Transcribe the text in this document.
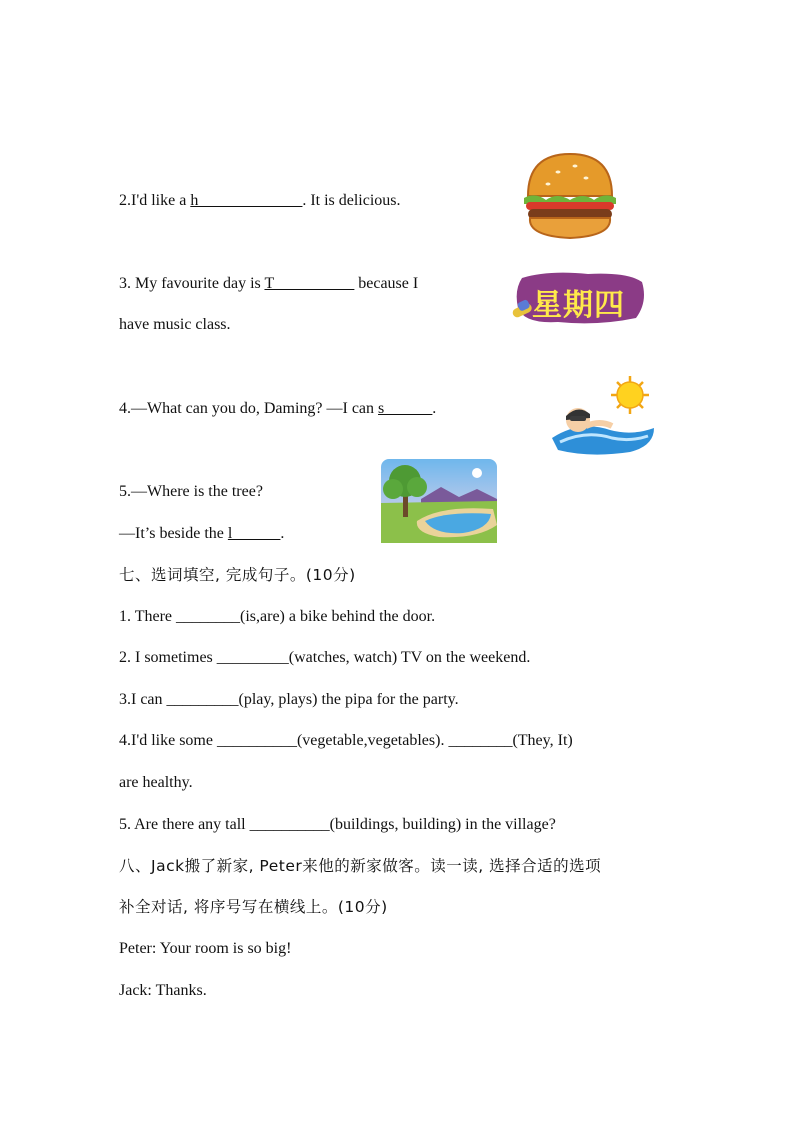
2.I'd like a h_____________. It is delicious.
3. My favourite day is T__________ because I
have music class.
星期四
4.—What can you do, Daming? —I can s______.
5.—Where is the tree?
—It’s beside the l______.
七、选词填空, 完成句子。(10分)
1. There ________(is,are) a bike behind the door.
2. I sometimes _________(watches, watch) TV on the weekend.
3.I can _________(play, plays) the pipa for the party.
4.I'd like some __________(vegetable,vegetables). ________(They, It)
are healthy.
5. Are there any tall __________(buildings, building) in the village?
八、Jack搬了新家, Peter来他的新家做客。读一读, 选择合适的选项
补全对话, 将序号写在横线上。(10分)
Peter: Your room is so big!
Jack: Thanks.
